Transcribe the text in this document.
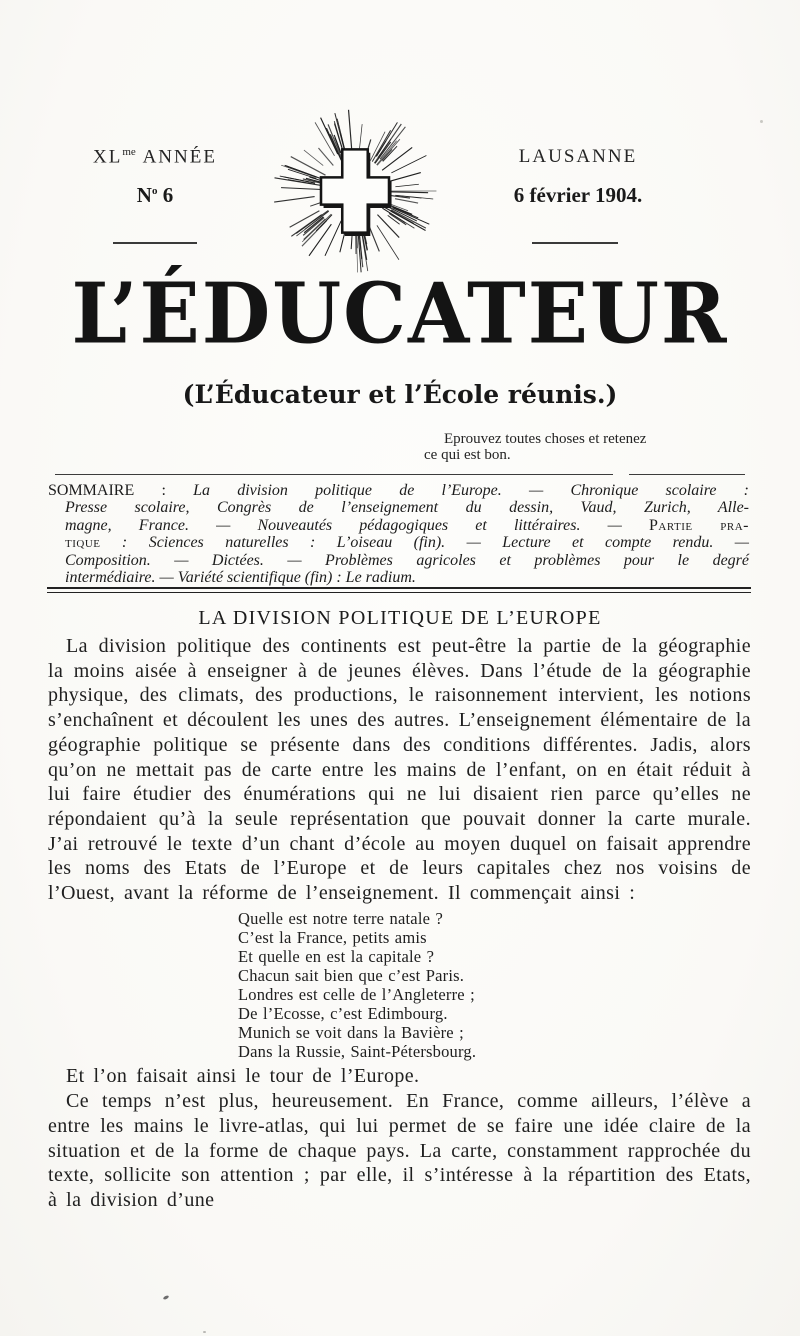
$XL^{me}$ ANNÉE
$N^o$ 6
LAUSANNE
6 février 1904.
L’ÉDUCATEUR
(L’Éducateur et l’École réunis.)
Eprouvez toutes choses et retenez
ce qui est bon.
SOMMAIRE : La division politique de l’Europe. — Chronique scolaire :
Presse scolaire, Congrès de l’enseignement du dessin, Vaud, Zurich, Alle-
magne, France. — Nouveautés pédagogiques et littéraires. — Partie pra-
tique : Sciences naturelles : L’oiseau (fin). — Lecture et compte rendu. —
Composition. — Dictées. — Problèmes agricoles et problèmes pour le degré
intermédiaire. — Variété scientifique (fin) : Le radium.
LA DIVISION POLITIQUE DE L’EUROPE

La division politique des continents est peut-être la partie de la géographie la moins aisée à enseigner à de jeunes élèves. Dans l’étude de la géographie physique, des climats, des productions, le raisonnement intervient, les notions s’enchaînent et découlent les unes des autres. L’enseignement élémentaire de la géographie politique se présente dans des conditions différentes. Jadis, alors qu’on ne mettait pas de carte entre les mains de l’enfant, on en était réduit à lui faire étudier des énumérations qui ne lui disaient rien parce qu’elles ne répondaient qu’à la seule représentation que pouvait donner la carte murale. J’ai retrouvé le texte d’un chant d’école au moyen duquel on faisait apprendre les noms des Etats de l’Europe et de leurs capitales chez nos voisins de l’Ouest, avant la réforme de l’enseignement. Il commençait ainsi :

Quelle est notre terre natale ?
C’est la France, petits amis
Et quelle en est la capitale ?
Chacun sait bien que c’est Paris.
Londres est celle de l’Angleterre ;
De l’Ecosse, c’est Edimbourg.
Munich se voit dans la Bavière ;
Dans la Russie, Saint-Pétersbourg.

Et l’on faisait ainsi le tour de l’Europe.

Ce temps n’est plus, heureusement. En France, comme ailleurs, l’élève a entre les mains le livre-atlas, qui lui permet de se faire une idée claire de la situation et de la forme de chaque pays. La carte, constamment rapprochée du texte, sollicite son attention ; par elle, il s’intéresse à la répartition des Etats, à la division d’une
